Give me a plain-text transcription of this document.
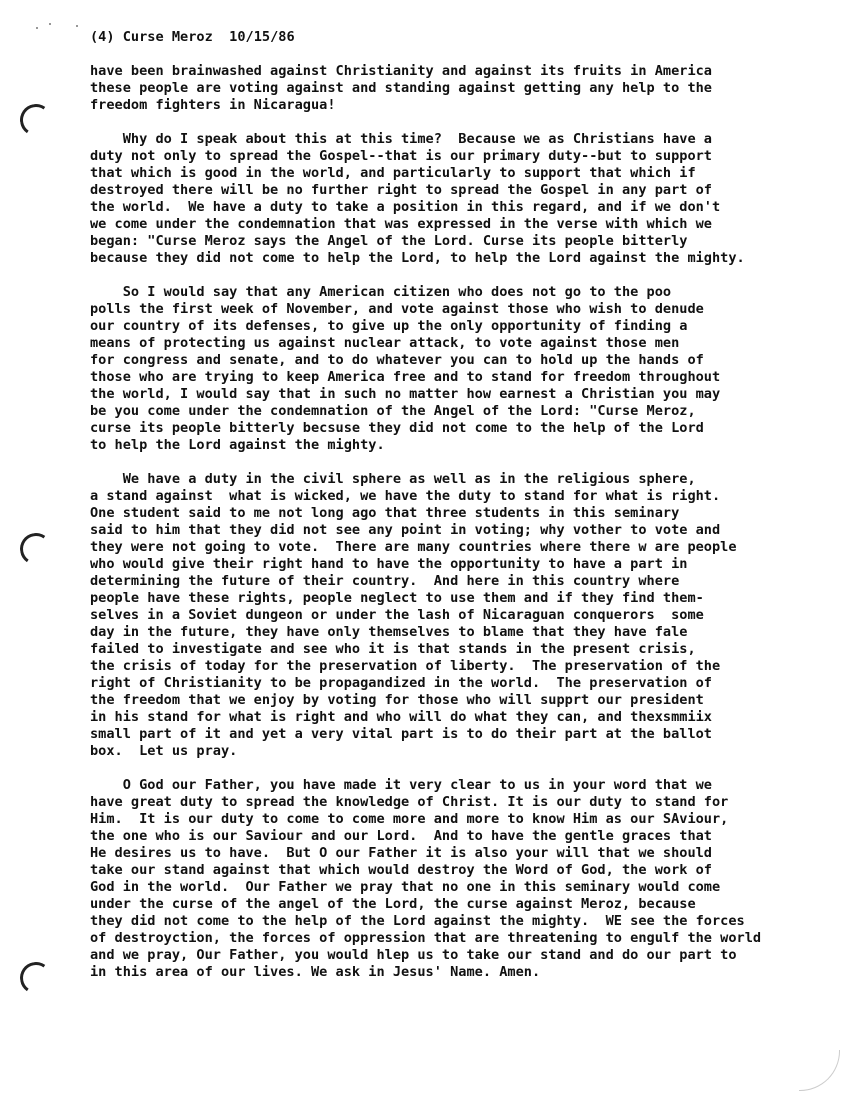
(4) Curse Meroz 10/15/86
have been brainwashed against Christianity and against its fruits in America
these people are voting against and standing against getting any help to the
freedom fighters in Nicaragua!
Why do I speak about this at this time?  Because we as Christians have a
duty not only to spread the Gospel--that is our primary duty--but to support
that which is good in the world, and particularly to support that which if
destroyed there will be no further right to spread the Gospel in any part of
the world.  We have a duty to take a position in this regard, and if we don't
we come under the condemnation that was expressed in the verse with which we
began: "Curse Meroz says the Angel of the Lord. Curse its people bitterly
because they did not come to help the Lord, to help the Lord against the mighty.
So I would say that any American citizen who does not go to the poo
polls the first week of November, and vote against those who wish to denude
our country of its defenses, to give up the only opportunity of finding a
means of protecting us against nuclear attack, to vote against those men
for congress and senate, and to do whatever you can to hold up the hands of
those who are trying to keep America free and to stand for freedom throughout
the world, I would say that in such no matter how earnest a Christian you may
be you come under the condemnation of the Angel of the Lord: "Curse Meroz,
curse its people bitterly becsuse they did not come to the help of the Lord
to help the Lord against the mighty.
We have a duty in the civil sphere as well as in the religious sphere,
a stand against  what is wicked, we have the duty to stand for what is right.
One student said to me not long ago that three students in this seminary
said to him that they did not see any point in voting; why vother to vote and
they were not going to vote.  There are many countries where there w are people
who would give their right hand to have the opportunity to have a part in
determining the future of their country.  And here in this country where
people have these rights, people neglect to use them and if they find them-
selves in a Soviet dungeon or under the lash of Nicaraguan conquerors  some
day in the future, they have only themselves to blame that they have fale
failed to investigate and see who it is that stands in the present crisis,
the crisis of today for the preservation of liberty.  The preservation of the
right of Christianity to be propagandized in the world.  The preservation of
the freedom that we enjoy by voting for those who will supprt our president
in his stand for what is right and who will do what they can, and thexsmmiix
small part of it and yet a very vital part is to do their part at the ballot
box.  Let us pray.
O God our Father, you have made it very clear to us in your word that we
have great duty to spread the knowledge of Christ. It is our duty to stand for
Him.  It is our duty to come to come more and more to know Him as our SAviour,
the one who is our Saviour and our Lord.  And to have the gentle graces that
He desires us to have.  But O our Father it is also your will that we should
take our stand against that which would destroy the Word of God, the work of
God in the world.  Our Father we pray that no one in this seminary would come
under the curse of the angel of the Lord, the curse against Meroz, because
they did not come to the help of the Lord against the mighty.  WE see the forces
of destroyction, the forces of oppression that are threatening to engulf the world
and we pray, Our Father, you would hlep us to take our stand and do our part to
in this area of our lives. We ask in Jesus' Name. Amen.
